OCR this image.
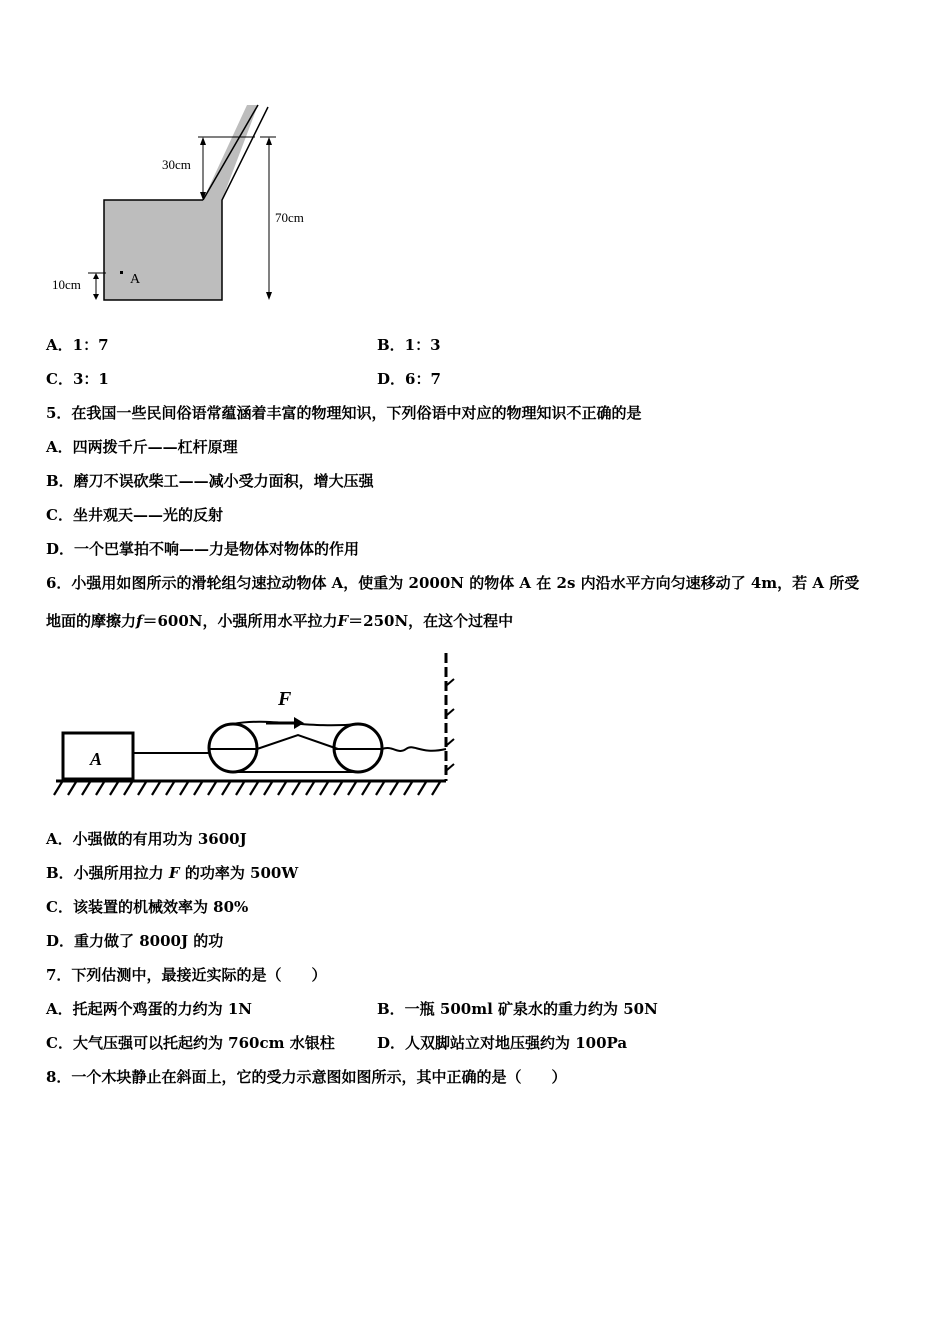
30cm
70cm
10cm	A
A．1：7	B．1：3
C．3：1	D．6：7
5．在我国一些民间俗语常蕴涵着丰富的物理知识，下列俗语中对应的物理知识不正确的是
A．四两拨千斤——杠杆原理
B．磨刀不误砍柴工——减小受力面积，增大压强
C．坐井观天——光的反射
D．一个巴掌拍不响——力是物体对物体的作用
6．小强用如图所示的滑轮组匀速拉动物体 A，使重为 2000N 的物体 A 在 2s 内沿水平方向匀速移动了 4m，若 A 所受
地面的摩擦力f＝600N，小强所用水平拉力F＝250N，在这个过程中
A
F
A．小强做的有用功为 3600J
B．小强所用拉力 F 的功率为 500W
C．该装置的机械效率为 80%
D．重力做了 8000J 的功
7．下列估测中，最接近实际的是（　　）
A．托起两个鸡蛋的力约为 1N	B．一瓶 500ml 矿泉水的重力约为 50N
C．大气压强可以托起约为 760cm 水银柱	D．人双脚站立对地压强约为 100Pa
8．一个木块静止在斜面上，它的受力示意图如图所示，其中正确的是（　　）
